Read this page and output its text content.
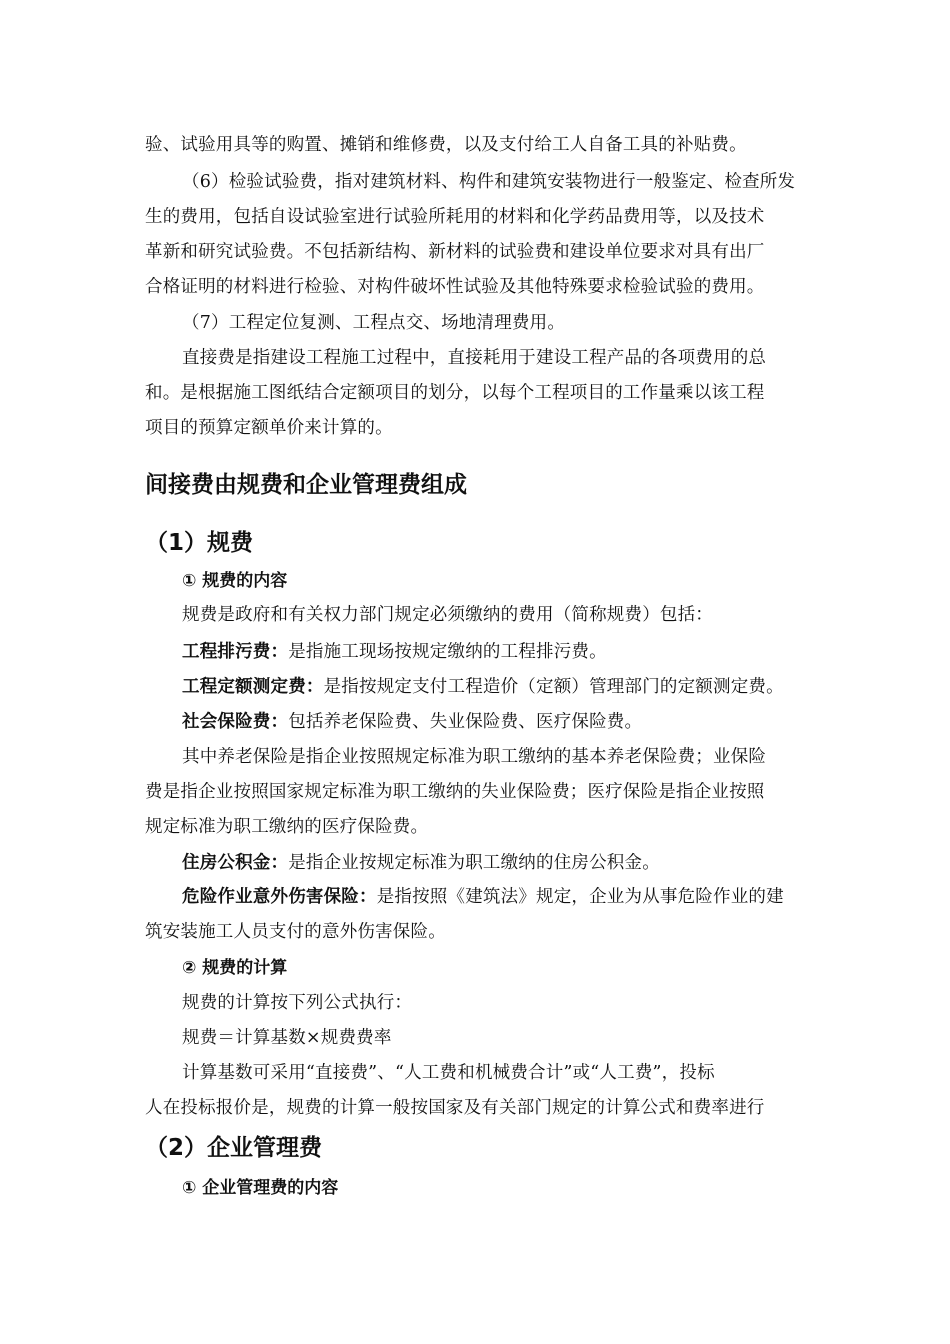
验、试验用具等的购置、摊销和维修费，以及支付给工人自备工具的补贴费。
（6）检验试验费，指对建筑材料、构件和建筑安装物进行一般鉴定、检查所发
生的费用，包括自设试验室进行试验所耗用的材料和化学药品费用等，以及技术
革新和研究试验费。不包括新结构、新材料的试验费和建设单位要求对具有出厂
合格证明的材料进行检验、对构件破坏性试验及其他特殊要求检验试验的费用。
（7）工程定位复测、工程点交、场地清理费用。
直接费是指建设工程施工过程中，直接耗用于建设工程产品的各项费用的总
和。是根据施工图纸结合定额项目的划分，以每个工程项目的工作量乘以该工程
项目的预算定额单价来计算的。
间接费由规费和企业管理费组成
（1）规费
① 规费的内容
规费是政府和有关权力部门规定必须缴纳的费用（简称规费）包括：
工程排污费：是指施工现场按规定缴纳的工程排污费。
工程定额测定费：是指按规定支付工程造价（定额）管理部门的定额测定费。
社会保险费：包括养老保险费、失业保险费、医疗保险费。
其中养老保险是指企业按照规定标准为职工缴纳的基本养老保险费；业保险
费是指企业按照国家规定标准为职工缴纳的失业保险费；医疗保险是指企业按照
规定标准为职工缴纳的医疗保险费。
住房公积金：是指企业按规定标准为职工缴纳的住房公积金。
危险作业意外伤害保险：是指按照《建筑法》规定，企业为从事危险作业的建
筑安装施工人员支付的意外伤害保险。
② 规费的计算
规费的计算按下列公式执行：
规费＝计算基数×规费费率
计算基数可采用“直接费”、“人工费和机械费合计”或“人工费”，投标
人在投标报价是，规费的计算一般按国家及有关部门规定的计算公式和费率进行
（2）企业管理费
① 企业管理费的内容
